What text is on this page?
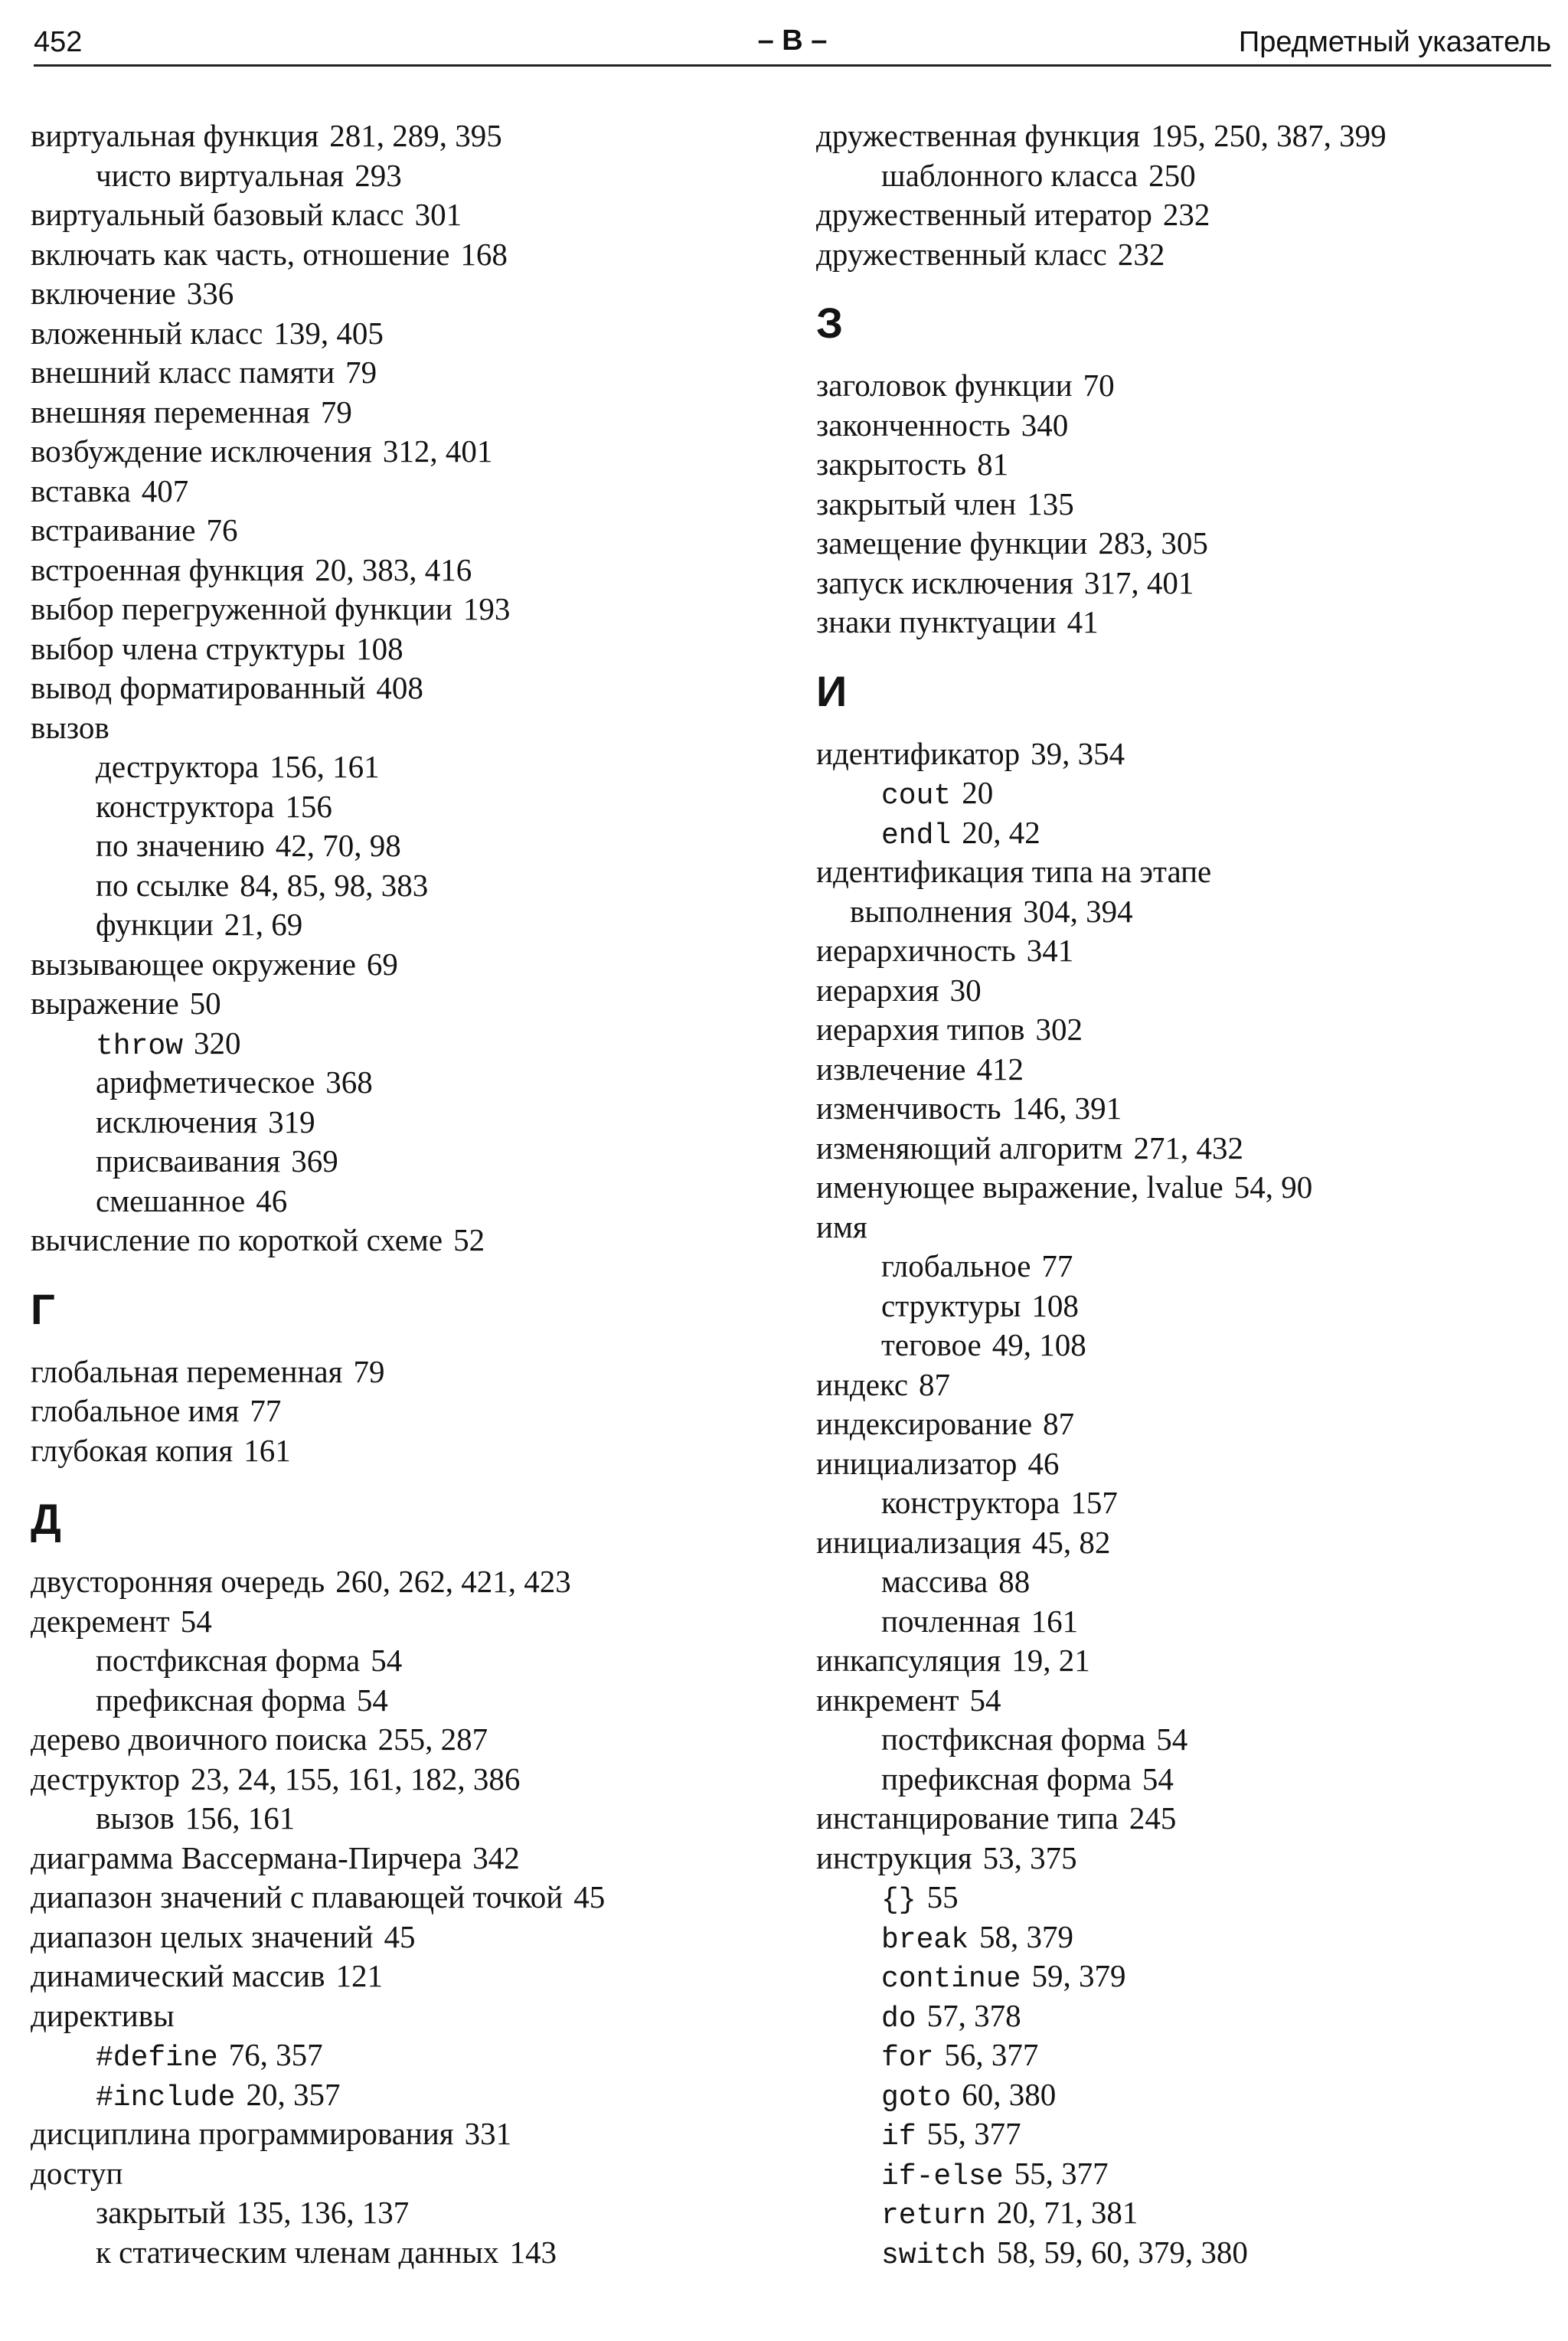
452	– В –	Предметный указатель
виртуальная функция 281, 289, 395
чисто виртуальная 293
виртуальный базовый класс 301
включать как часть, отношение 168
включение 336
вложенный класс 139, 405
внешний класс памяти 79
внешняя переменная 79
возбуждение исключения 312, 401
вставка 407
встраивание 76
встроенная функция 20, 383, 416
выбор перегруженной функции 193
выбор члена структуры 108
вывод форматированный 408
вызов
деструктора 156, 161
конструктора 156
по значению 42, 70, 98
по ссылке 84, 85, 98, 383
функции 21, 69
вызывающее окружение 69
выражение 50
throw 320
арифметическое 368
исключения 319
присваивания 369
смешанное 46
вычисление по короткой схеме 52
Г
глобальная переменная 79
глобальное имя 77
глубокая копия 161
Д
двусторонняя очередь 260, 262, 421, 423
декремент 54
постфиксная форма 54
префиксная форма 54
дерево двоичного поиска 255, 287
деструктор 23, 24, 155, 161, 182, 386
вызов 156, 161
диаграмма Вассермана-Пирчера 342
диапазон значений с плавающей точкой 45
диапазон целых значений 45
динамический массив 121
директивы
#define 76, 357
#include 20, 357
дисциплина программирования 331
доступ
закрытый 135, 136, 137
к статическим членам данных 143
дружественная функция 195, 250, 387, 399
шаблонного класса 250
дружественный итератор 232
дружественный класс 232
З
заголовок функции 70
законченность 340
закрытость 81
закрытый член 135
замещение функции 283, 305
запуск исключения 317, 401
знаки пунктуации 41
И
идентификатор 39, 354
cout 20
endl 20, 42
идентификация типа на этапе
выполнения 304, 394
иерархичность 341
иерархия 30
иерархия типов 302
извлечение 412
изменчивость 146, 391
изменяющий алгоритм 271, 432
именующее выражение, lvalue 54, 90
имя
глобальное 77
структуры 108
теговое 49, 108
индекс 87
индексирование 87
инициализатор 46
конструктора 157
инициализация 45, 82
массива 88
почленная 161
инкапсуляция 19, 21
инкремент 54
постфиксная форма 54
префиксная форма 54
инстанцирование типа 245
инструкция 53, 375
{} 55
break 58, 379
continue 59, 379
do 57, 378
for 56, 377
goto 60, 380
if 55, 377
if-else 55, 377
return 20, 71, 381
switch 58, 59, 60, 379, 380
